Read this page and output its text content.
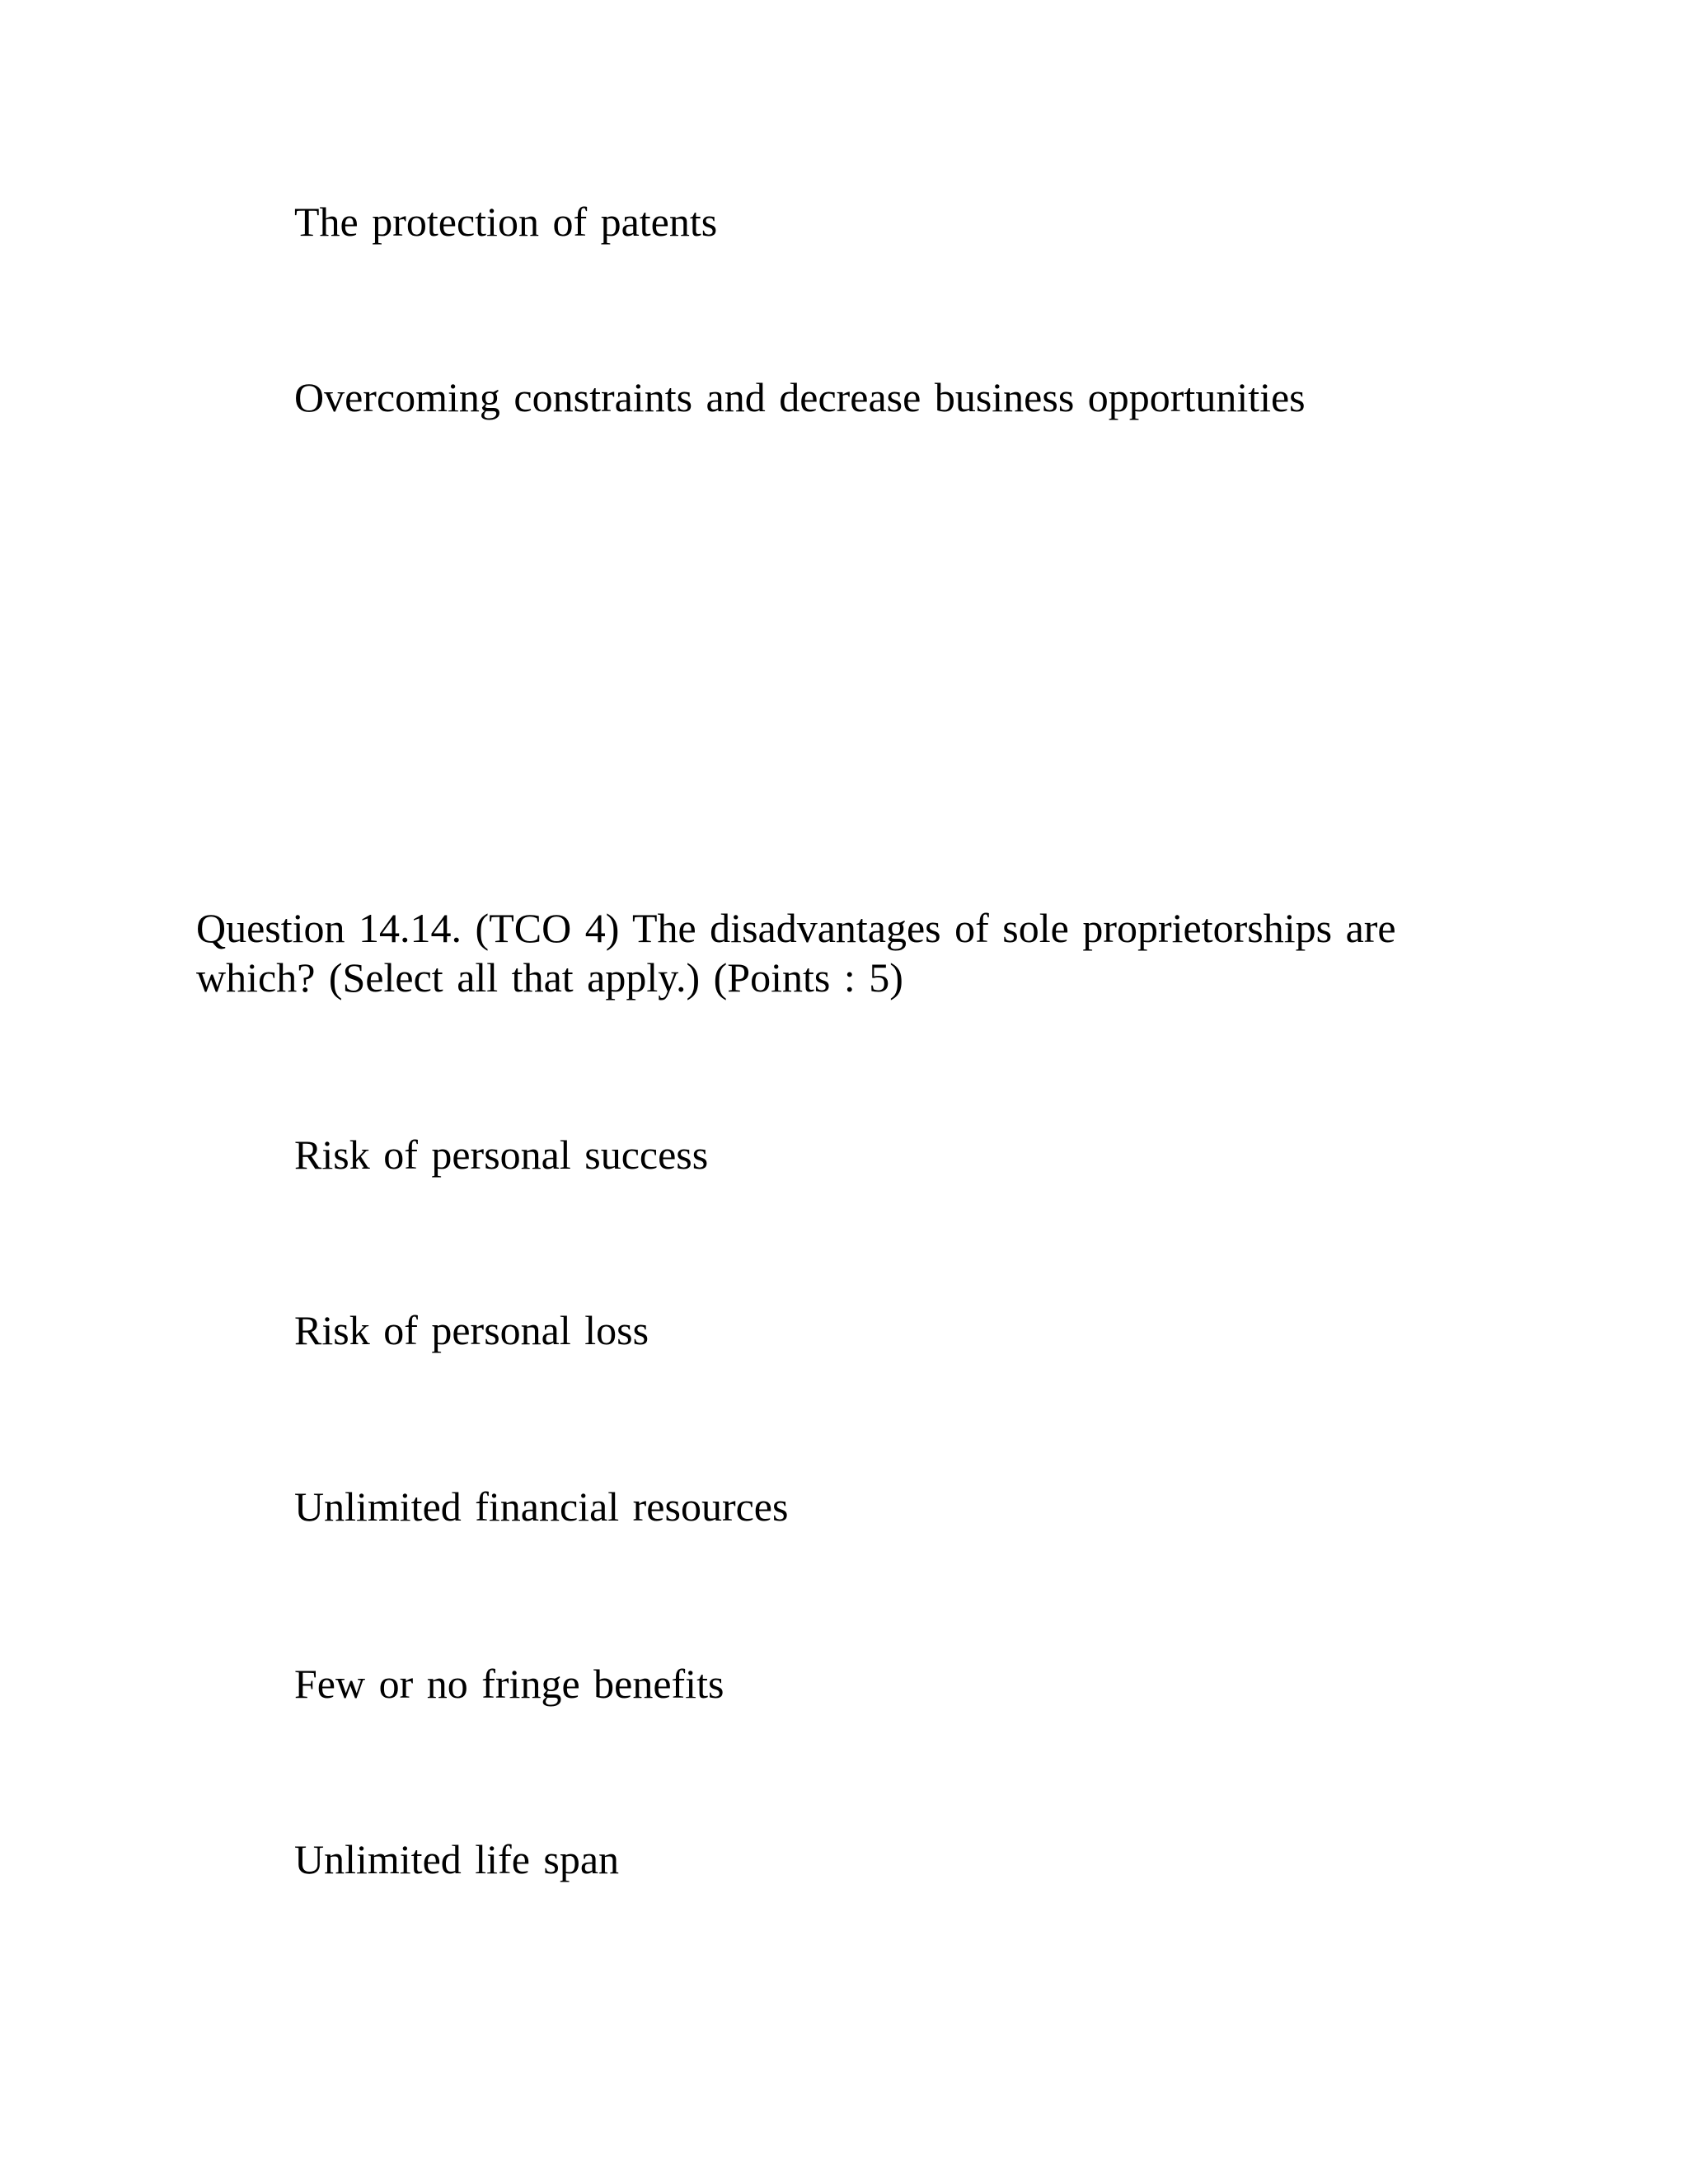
The protection of patents

Overcoming constraints and decrease business opportunities

Question 14.14. (TCO 4) The disadvantages of sole proprietorships are

which? (Select all that apply.) (Points : 5)

Risk of personal success

Risk of personal loss

Unlimited financial resources

Few or no fringe benefits

Unlimited life span
